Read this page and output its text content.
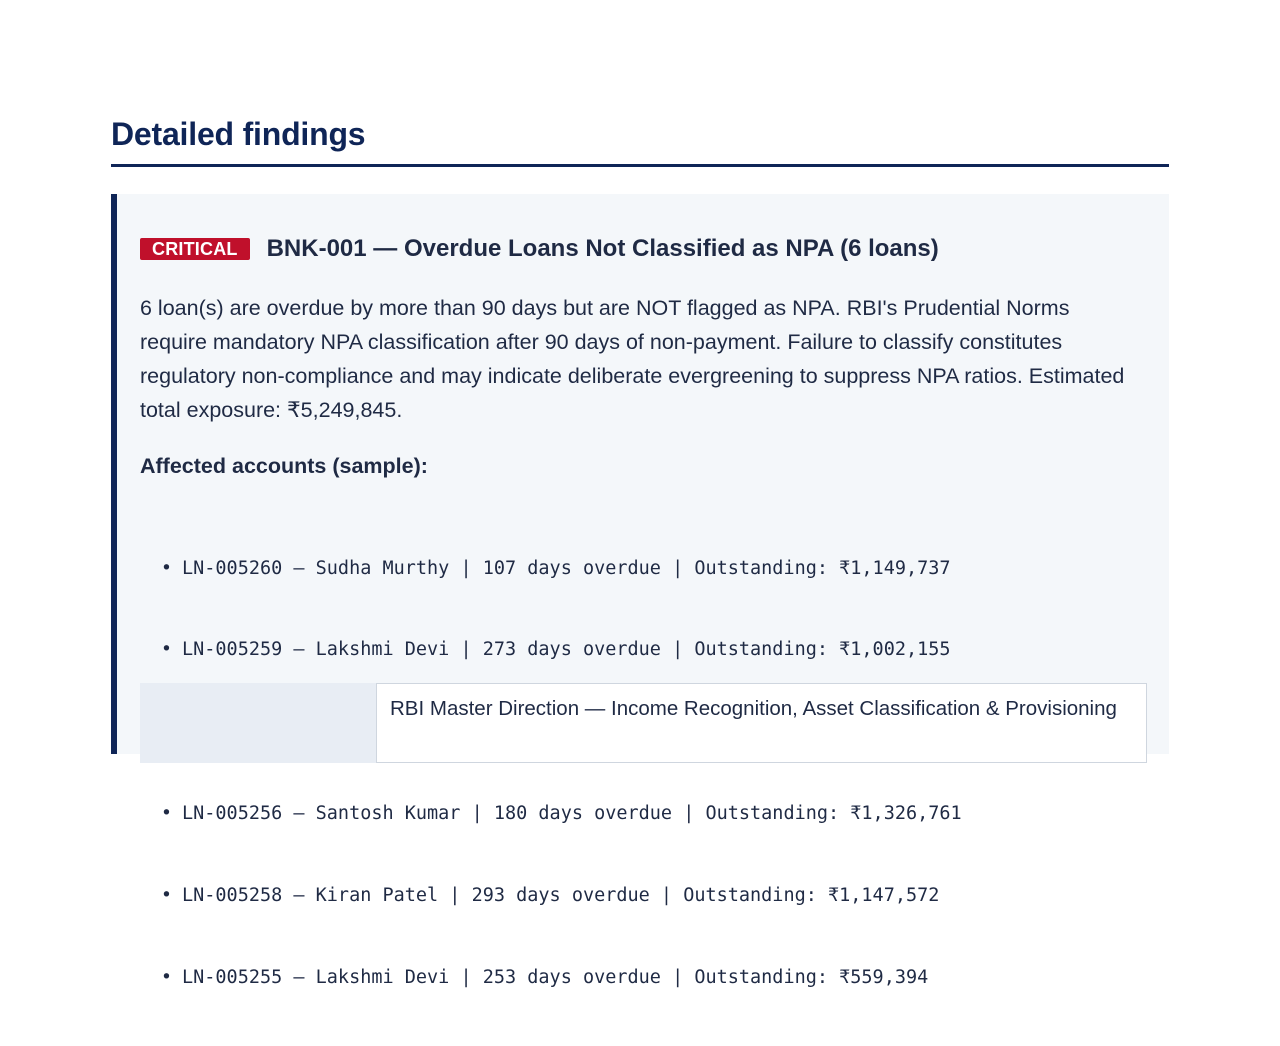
Detailed findings
CRITICAL	BNK-001 — Overdue Loans Not Classified as NPA (6 loans)

6 loan(s) are overdue by more than 90 days but are NOT flagged as NPA. RBI's Prudential Norms require mandatory NPA classification after 90 days of non-payment. Failure to classify constitutes regulatory non-compliance and may indicate deliberate evergreening to suppress NPA ratios. Estimated total exposure: ₹5,249,845.

Affected accounts (sample):

• LN-005260 — Sudha Murthy | 107 days overdue | Outstanding: ₹1,149,737

• LN-005259 — Lakshmi Devi | 273 days overdue | Outstanding: ₹1,002,155

•

• LN-005256 — Santosh Kumar | 180 days overdue | Outstanding: ₹1,326,761

• LN-005258 — Kiran Patel | 293 days overdue | Outstanding: ₹1,147,572

• LN-005255 — Lakshmi Devi | 253 days overdue | Outstanding: ₹559,394

RBI Master Direction — Income Recognition, Asset Classification & Provisioning
